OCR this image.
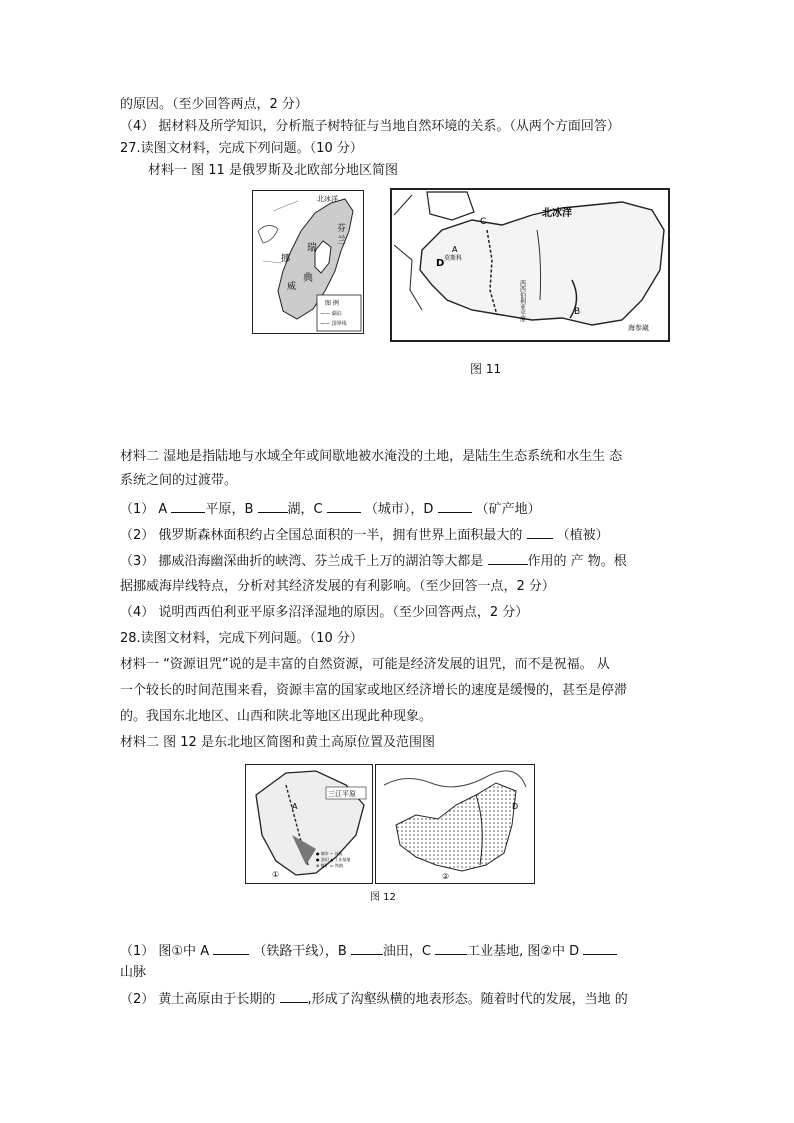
的原因。（至少回答两点，2 分）
（4） 据材料及所学知识，分析瓶子树特征与当地自然环境的关系。（从两个方面回答）
27.读图文材料，完成下列问题。（10 分）
材料一 图 11 是俄罗斯及北欧部分地区简图
北冰洋
芬
兰
瑞
典
挪
威
图 例
—— 湖泊
—— 国界线
北冰洋
A
C
D 莫斯科
B
西西伯利亚平原
海参崴
图 11
材料二 湿地是指陆地与水域全年或间歇地被水淹没的土地，是陆生生态系统和水生生 态
系统之间的过渡带。
（1） A	平原，B 湖，C	（城市），D	（矿产地）
（2） 俄罗斯森林面积约占全国总面积的一半，拥有世界上面积最大的  （植被）
（3） 挪威沿海幽深曲折的峡湾、芬兰成千上万的湖泊等大都是	作用的 产 物。根
据挪威海岸线特点，分析对其经济发展的有利影响。（至少回答一点，2 分）
（4） 说明西西伯利亚平原多沼泽湿地的原因。（至少回答两点，2 分）
28.读图文材料，完成下列问题。（10 分）
材料一 “资源诅咒”说的是丰富的自然资源，可能是经济发展的诅咒，而不是祝福。 从
一个较长的时间范围来看，资源丰富的国家或地区经济增长的速度是缓慢的，甚至是停滞
的。我国东北地区、山西和陕北等地区出现此种现象。
材料二 图 12 是东北地区简图和黄土高原位置及范围图
三江平原
A
①
● 城市 ∼ 河流
● 油田 ▲ 工业基地
⊕ 煤矿 ▭ 铁路
D
②
图 12
（1） 图①中 A	（铁路干线），B 油田，C 工业基地, 图②中 D
山脉
（2） 黄土高原由于长期的 ,形成了沟壑纵横的地表形态。随着时代的发展，当地 的
